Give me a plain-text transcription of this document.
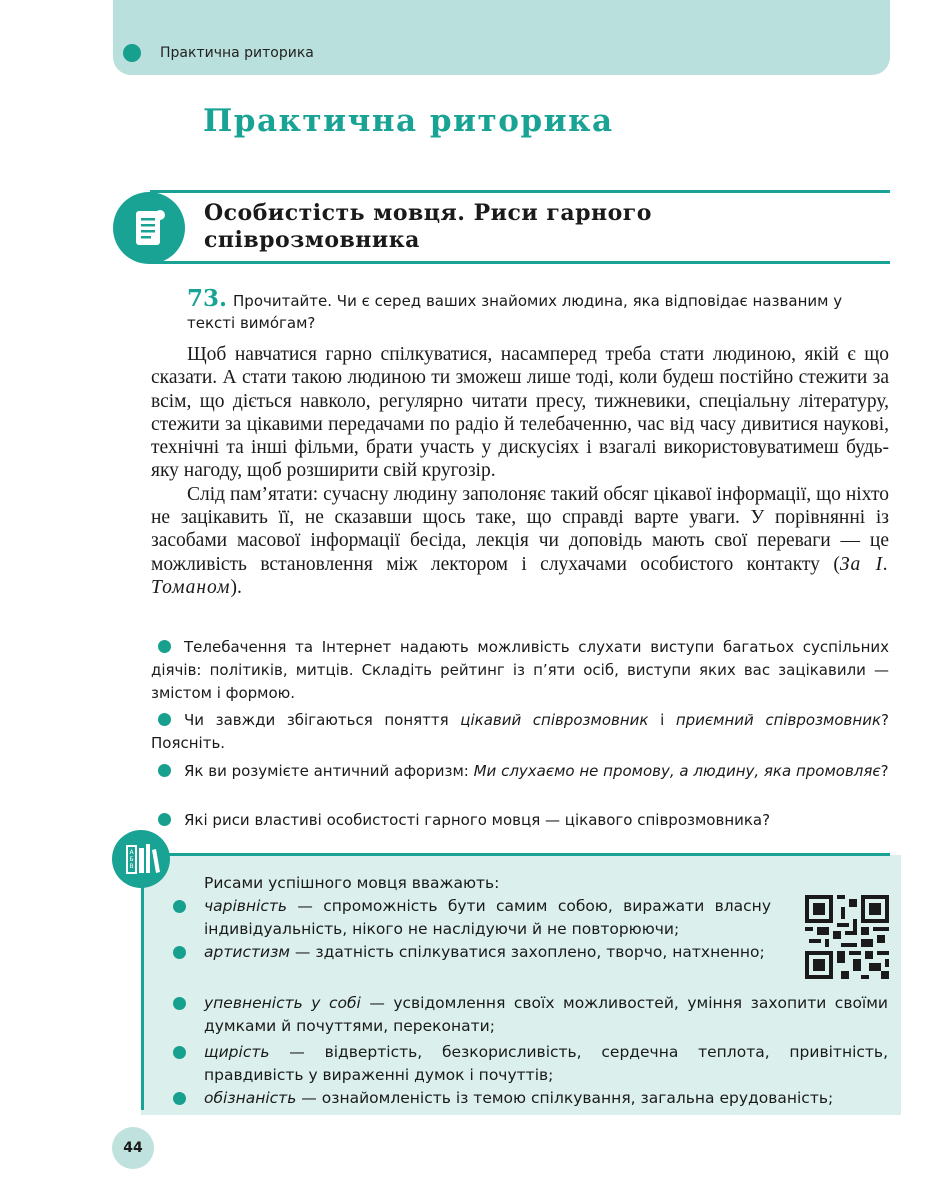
Практична риторика
Практична риторика
Особистість мовця. Риси гарного
співрозмовника
73. Прочитайте. Чи є серед ваших знайомих людина, яка відповідає названим у тексті вимо́гам?

Щоб навчатися гарно спілкуватися, насамперед треба стати людиною, якій є що сказати. А стати такою людиною ти зможеш лише тоді, коли будеш постійно стежити за всім, що діється навколо, регулярно читати пресу, тижневики, спеціальну літературу, стежити за цікавими передачами по радіо й телебаченню, час від часу дивитися наукові, технічні та інші фільми, брати участь у дискусіях і взагалі використовуватимеш будь-яку нагоду, щоб розширити свій кругозір.

Слід пам’ятати: сучасну людину заполоняє такий обсяг цікавої інформації, що ніхто не зацікавить її, не сказавши щось таке, що справді варте уваги. У порівнянні із засобами масової інформації бесіда, лекція чи доповідь мають свої переваги — це можливість встановлення між лектором і слухачами особистого контакту (За І. Томаном).

Телебачення та Інтернет надають можливість слухати виступи багатьох суспільних діячів: політиків, митців. Складіть рейтинг із п’яти осіб, виступи яких вас зацікавили — змістом і формою.
Чи завжди збігаються поняття цікавий співрозмовник і приємний співрозмовник? Поясніть.
Як ви розумієте античний афоризм: Ми слухаємо не промову, а людину, яка промовляє?
Які риси властиві особистості гарного мовця — цікавого співрозмовника?
А
Б
В
Рисами успішного мовця вважають:
чарівність — спроможність бути самим собою, виражати власну індивідуальність, нікого не наслідуючи й не повторюючи;
артистизм — здатність спілкуватися захоплено, творчо, натхненно;
упевненість у собі — усвідомлення своїх можливостей, уміння захопити своїми думками й почуттями, переконати;
щирість — відвертість, безкорисливість, сердечна теплота, привітність, правдивість у вираженні думок і почуттів;
обізнаність — ознайомленість із темою спілкування, загальна ерудованість;
44
